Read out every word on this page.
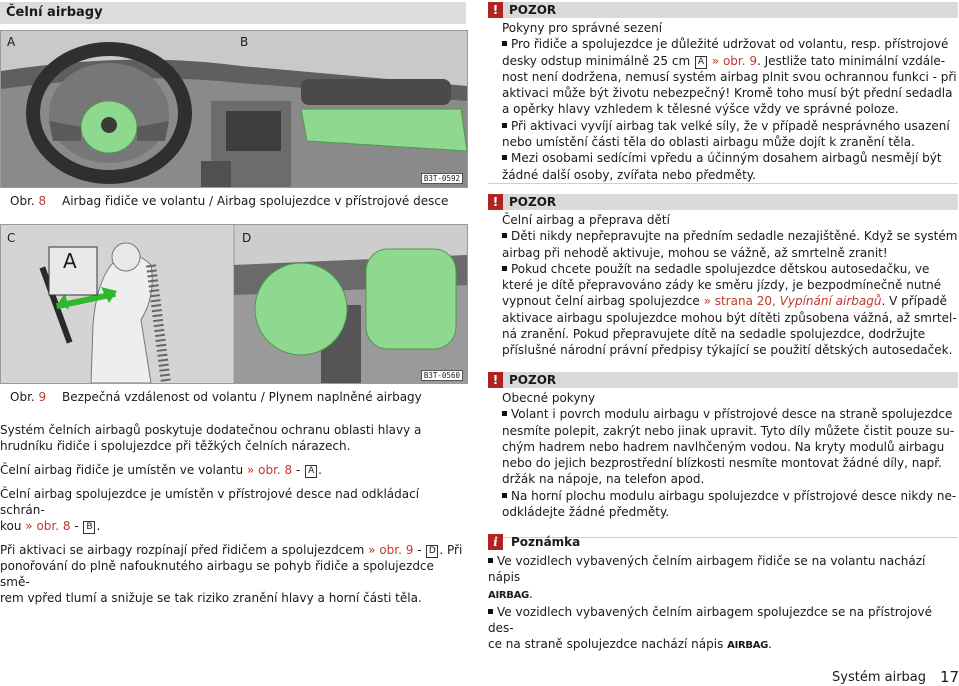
Čelní airbagy
A	B
B3T-0592
Obr. 8 Airbag řidiče ve volantu / Airbag spolujezdce v přístrojové desce
C	D
A
B3T-0560
Obr. 9 Bezpečná vzdálenost od volantu / Plynem naplněné airbagy
Systém čelních airbagů poskytuje dodatečnou ochranu oblasti hlavy a hrudníku řidiče i spolujezdce při těžkých čelních nárazech.
Čelní airbag řidiče je umístěn ve volantu » obr. 8 - A .
Čelní airbag spolujezdce je umístěn v přístrojové desce nad odkládací schrán-
kou » obr. 8 - B .
Při aktivaci se airbagy rozpínají před řidičem a spolujezdcem » obr. 9 - D . Při
ponořování do plně nafouknutého airbagu se pohyb řidiče a spolujezdce smě-
rem vpřed tlumí a snižuje se tak riziko zranění hlavy a horní části těla.
! POZOR

Pokyny pro správné sezení

Pro řidiče a spolujezdce je důležité udržovat od volantu, resp. přístrojové

desky odstup minimálně 25 cm A » obr. 9. Jestliže tato minimální vzdále-

nost není dodržena, nemusí systém airbag plnit svou ochrannou funkci - při

aktivaci může být životu nebezpečný! Kromě toho musí být přední sedadla

a opěrky hlavy vzhledem k tělesné výšce vždy ve správné poloze.

Při aktivaci vyvíjí airbag tak velké síly, že v případě nesprávného usazení

nebo umístění části těla do oblasti airbagu může dojít k zranění těla.

Mezi osobami sedícími vpředu a účinným dosahem airbagů nesmějí být

žádné další osoby, zvířata nebo předměty.

! POZOR

Čelní airbag a přeprava dětí

Děti nikdy nepřepravujte na předním sedadle nezajištěné. Když se systém

airbag při nehodě aktivuje, mohou se vážně, až smrtelně zranit!

Pokud chcete použít na sedadle spolujezdce dětskou autosedačku, ve

které je dítě přepravováno zády ke směru jízdy, je bezpodmínečně nutné

vypnout čelní airbag spolujezdce » strana 20, Vypínání airbagů. V případě

aktivace airbagu spolujezdce mohou být dítěti způsobena vážná, až smrtel-

ná zranění. Pokud přepravujete dítě na sedadle spolujezdce, dodržujte

příslušné národní právní předpisy týkající se použití dětských autosedaček.

! POZOR

Obecné pokyny

Volant i povrch modulu airbagu v přístrojové desce na straně spolujezdce

nesmíte polepit, zakrýt nebo jinak upravit. Tyto díly můžete čistit pouze su-

chým hadrem nebo hadrem navlhčeným vodou. Na kryty modulů airbagu

nebo do jejich bezprostřední blízkosti nesmíte montovat žádné díly, např.

držák na nápoje, na telefon apod.

Na horní plochu modulu airbagu spolujezdce v přístrojové desce nikdy ne-

odkládejte žádné předměty.

i Poznámka

Ve vozidlech vybavených čelním airbagem řidiče se na volantu nachází nápis

AIRBAG.

Ve vozidlech vybavených čelním airbagem spolujezdce se na přístrojové des-

ce na straně spolujezdce nachází nápis AIRBAG.

Systém airbag 17
